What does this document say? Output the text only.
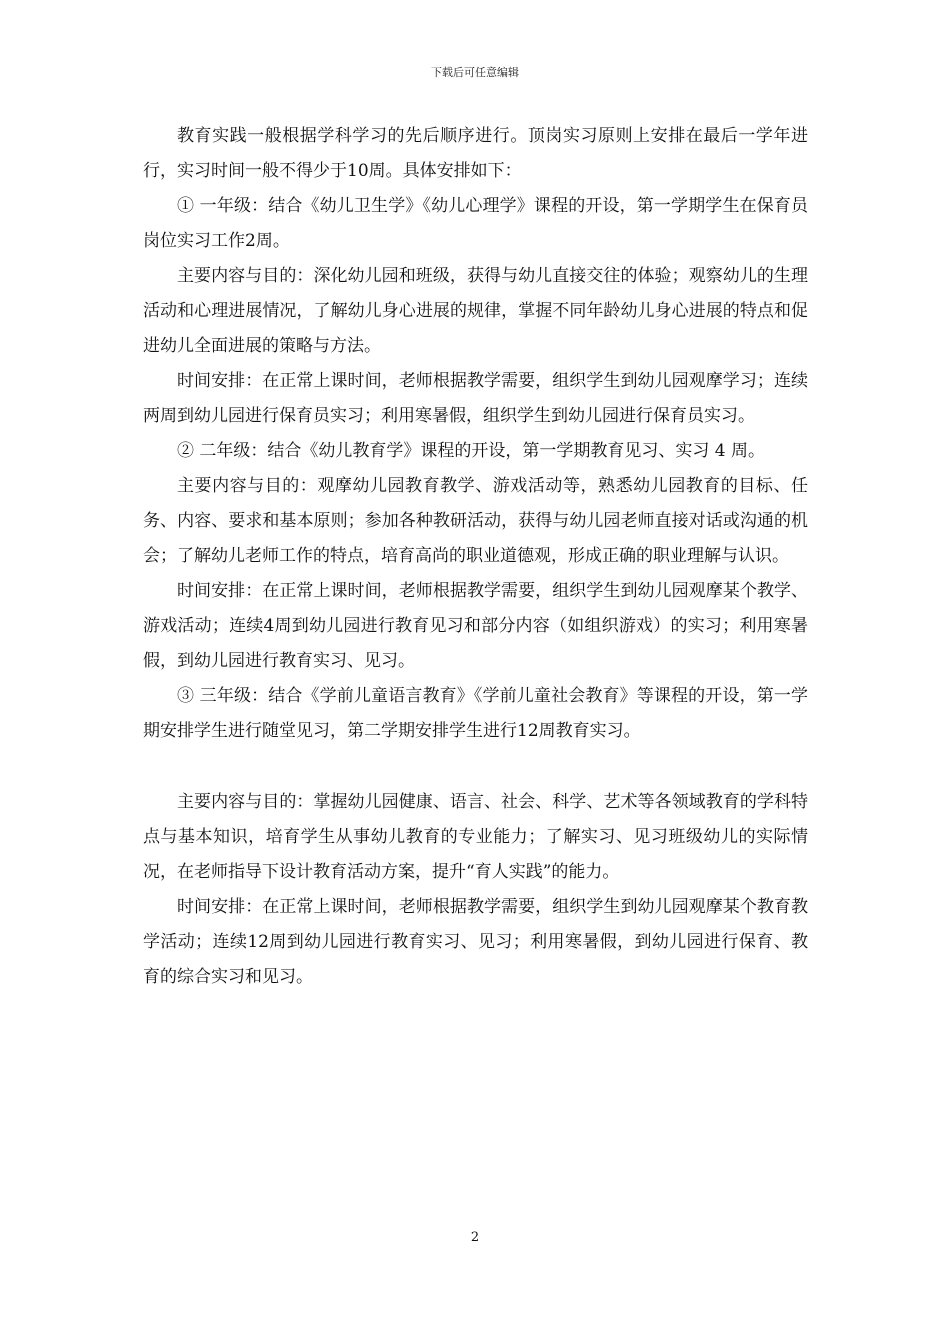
下载后可任意编辑

教育实践一般根据学科学习的先后顺序进行。顶岗实习原则上安排在最后一学年进行，实习时间一般不得少于10周。具体安排如下：

① 一年级：结合《幼儿卫生学》《幼儿心理学》课程的开设，第一学期学生在保育员岗位实习工作2周。

主要内容与目的：深化幼儿园和班级，获得与幼儿直接交往的体验；观察幼儿的生理活动和心理进展情况，了解幼儿身心进展的规律，掌握不同年龄幼儿身心进展的特点和促进幼儿全面进展的策略与方法。

时间安排：在正常上课时间，老师根据教学需要，组织学生到幼儿园观摩学习；连续两周到幼儿园进行保育员实习；利用寒暑假，组织学生到幼儿园进行保育员实习。

② 二年级：结合《幼儿教育学》课程的开设，第一学期教育见习、实习 4 周。

主要内容与目的：观摩幼儿园教育教学、游戏活动等，熟悉幼儿园教育的目标、任务、内容、要求和基本原则；参加各种教研活动，获得与幼儿园老师直接对话或沟通的机会；了解幼儿老师工作的特点，培育高尚的职业道德观，形成正确的职业理解与认识。

时间安排：在正常上课时间，老师根据教学需要，组织学生到幼儿园观摩某个教学、游戏活动；连续4周到幼儿园进行教育见习和部分内容（如组织游戏）的实习；利用寒暑假，到幼儿园进行教育实习、见习。

③ 三年级：结合《学前儿童语言教育》《学前儿童社会教育》等课程的开设，第一学期安排学生进行随堂见习，第二学期安排学生进行12周教育实习。

主要内容与目的：掌握幼儿园健康、语言、社会、科学、艺术等各领域教育的学科特点与基本知识，培育学生从事幼儿教育的专业能力；了解实习、见习班级幼儿的实际情况，在老师指导下设计教育活动方案，提升“育人实践”的能力。

时间安排：在正常上课时间，老师根据教学需要，组织学生到幼儿园观摩某个教育教学活动；连续12周到幼儿园进行教育实习、见习；利用寒暑假，到幼儿园进行保育、教育的综合实习和见习。

2
